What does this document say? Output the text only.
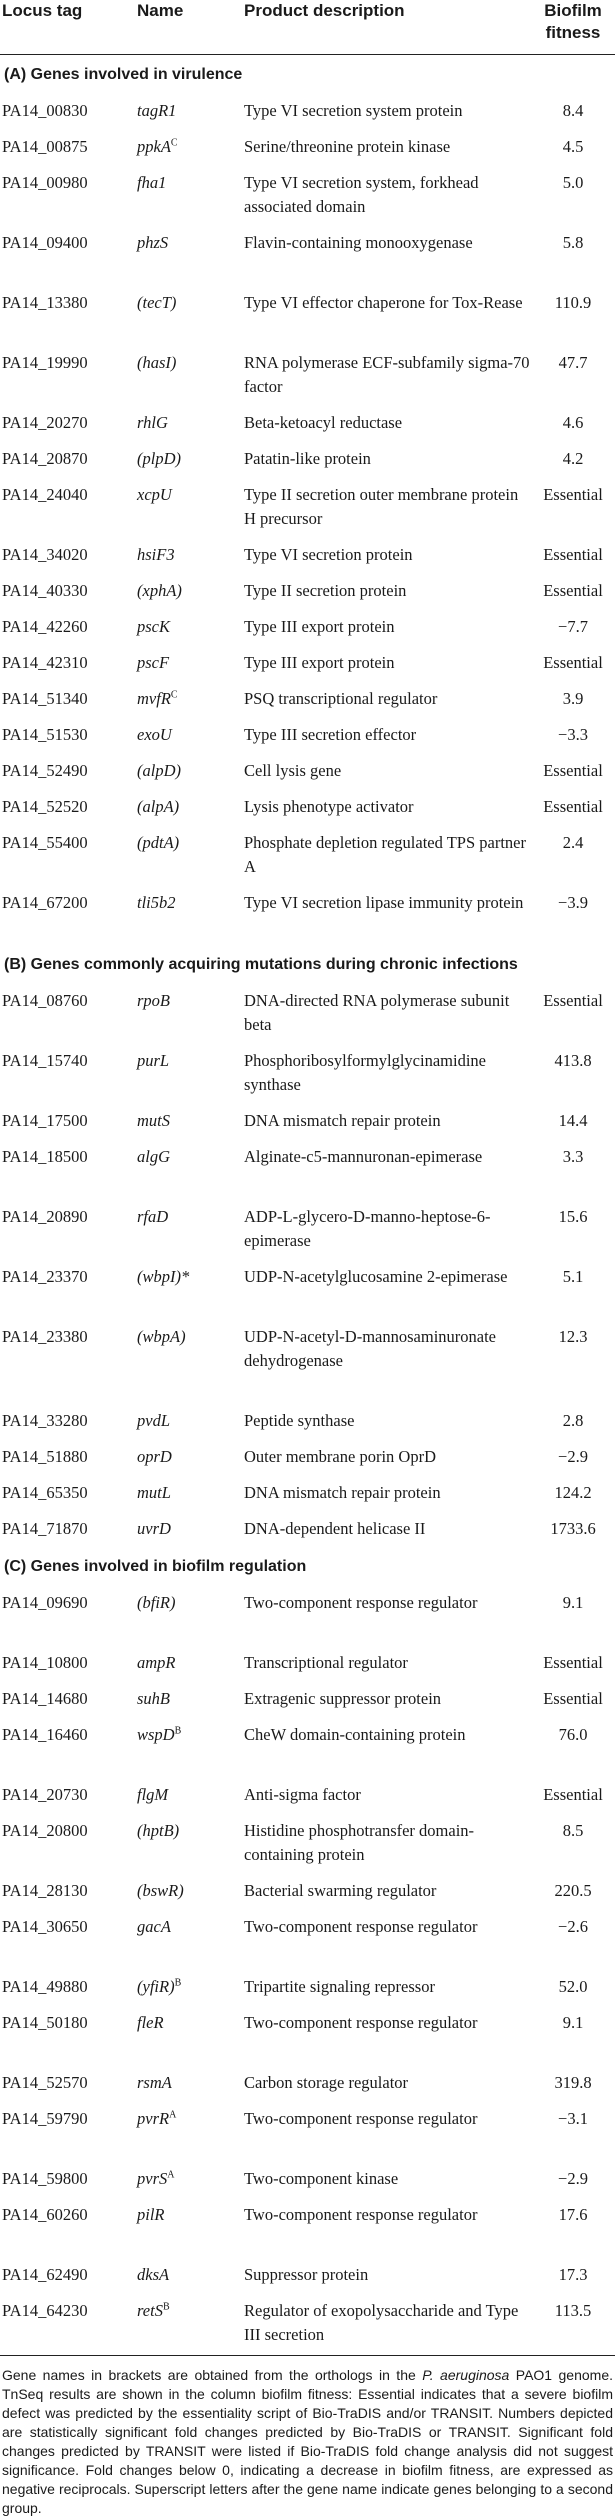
Locus tag	Name	Product description	Biofilm fitness
(A) Genes involved in virulence			
PA14_00830	tagR1	Type VI secretion system protein	8.4
PA14_00875	ppkA$^C$	Serine/threonine protein kinase	4.5
PA14_00980	fha1	Type VI secretion system, forkhead associated domain	5.0
PA14_09400	phzS	Flavin-containing monooxygenase	5.8
PA14_13380	(tecT)	Type VI effector chaperone for Tox-Rease	110.9
PA14_19990	(hasI)	RNA polymerase ECF-subfamily sigma-70 factor	47.7
PA14_20270	rhlG	Beta-ketoacyl reductase	4.6
PA14_20870	(plpD)	Patatin-like protein	4.2
PA14_24040	xcpU	Type II secretion outer membrane protein H precursor	Essential
PA14_34020	hsiF3	Type VI secretion protein	Essential
PA14_40330	(xphA)	Type II secretion protein	Essential
PA14_42260	pscK	Type III export protein	−7.7
PA14_42310	pscF	Type III export protein	Essential
PA14_51340	mvfR$^C$	PSQ transcriptional regulator	3.9
PA14_51530	exoU	Type III secretion effector	−3.3
PA14_52490	(alpD)	Cell lysis gene	Essential
PA14_52520	(alpA)	Lysis phenotype activator	Essential
PA14_55400	(pdtA)	Phosphate depletion regulated TPS partner A	2.4
PA14_67200	tli5b2	Type VI secretion lipase immunity protein	−3.9
(B) Genes commonly acquiring mutations during chronic infections			
PA14_08760	rpoB	DNA-directed RNA polymerase subunit beta	Essential
PA14_15740	purL	Phosphoribosylformylglycinamidine synthase	413.8
PA14_17500	mutS	DNA mismatch repair protein	14.4
PA14_18500	algG	Alginate-c5-mannuronan-epimerase	3.3
PA14_20890	rfaD	ADP-L-glycero-D-manno-heptose-6-epimerase	15.6
PA14_23370	(wbpI)*	UDP-N-acetylglucosamine 2-epimerase	5.1
PA14_23380	(wbpA)	UDP-N-acetyl-D-mannosaminuronate dehydrogenase	12.3
PA14_33280	pvdL	Peptide synthase	2.8
PA14_51880	oprD	Outer membrane porin OprD	−2.9
PA14_65350	mutL	DNA mismatch repair protein	124.2
PA14_71870	uvrD	DNA-dependent helicase II	1733.6
(C) Genes involved in biofilm regulation			
PA14_09690	(bfiR)	Two-component response regulator	9.1
PA14_10800	ampR	Transcriptional regulator	Essential
PA14_14680	suhB	Extragenic suppressor protein	Essential
PA14_16460	wspD$^B$	CheW domain-containing protein	76.0
PA14_20730	flgM	Anti-sigma factor	Essential
PA14_20800	(hptB)	Histidine phosphotransfer domain-containing protein	8.5
PA14_28130	(bswR)	Bacterial swarming regulator	220.5
PA14_30650	gacA	Two-component response regulator	−2.6
PA14_49880	(yfiR)$^B$	Tripartite signaling repressor	52.0
PA14_50180	fleR	Two-component response regulator	9.1
PA14_52570	rsmA	Carbon storage regulator	319.8
PA14_59790	pvrR$^A$	Two-component response regulator	−3.1
PA14_59800	pvrS$^A$	Two-component kinase	−2.9
PA14_60260	pilR	Two-component response regulator	17.6
PA14_62490	dksA	Suppressor protein	17.3
PA14_64230	retS$^B$	Regulator of exopolysaccharide and Type III secretion	113.5

Gene names in brackets are obtained from the orthologs in the P. aeruginosa PAO1 genome. TnSeq results are shown in the column biofilm fitness: Essential indicates that a severe biofilm defect was predicted by the essentiality script of Bio-TraDIS and/or TRANSIT. Numbers depicted are statistically significant fold changes predicted by Bio-TraDIS or TRANSIT. Significant fold changes predicted by TRANSIT were listed if Bio-TraDIS fold change analysis did not suggest significance. Fold changes below 0, indicating a decrease in biofilm fitness, are expressed as negative reciprocals. Superscript letters after the gene name indicate genes belonging to a second group.
